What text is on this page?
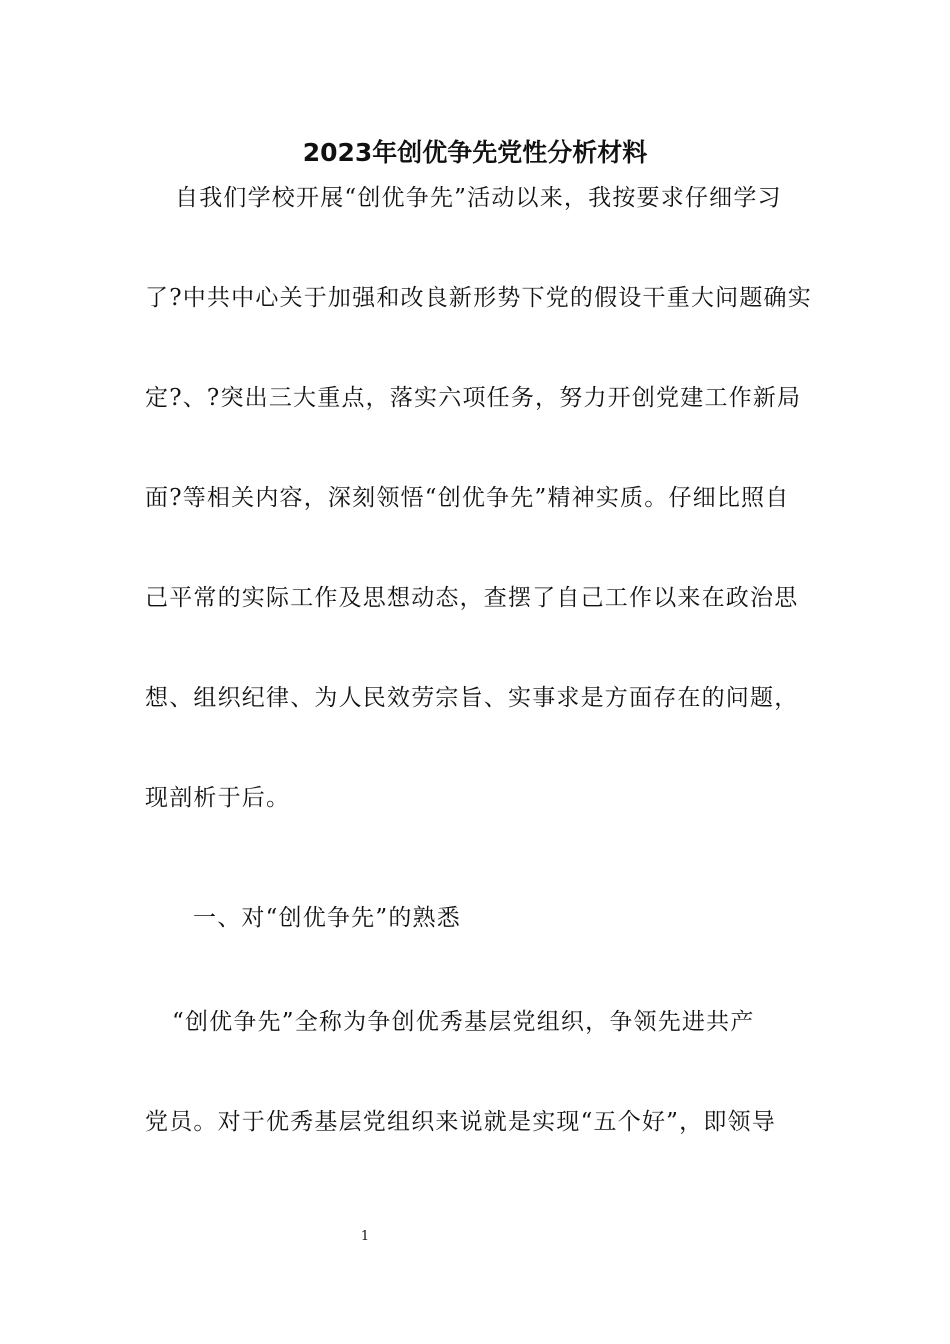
2023年创优争先党性分析材料
自我们学校开展“创优争先”活动以来，我按要求仔细学习
了?中共中心关于加强和改良新形势下党的假设干重大问题确实
定?、?突出三大重点，落实六项任务，努力开创党建工作新局
面?等相关内容，深刻领悟“创优争先”精神实质。仔细比照自
己平常的实际工作及思想动态，查摆了自己工作以来在政治思
想、组织纪律、为人民效劳宗旨、实事求是方面存在的问题，
现剖析于后。
一、对“创优争先”的熟悉
“创优争先”全称为争创优秀基层党组织，争领先进共产
党员。对于优秀基层党组织来说就是实现“五个好”，即领导
1
